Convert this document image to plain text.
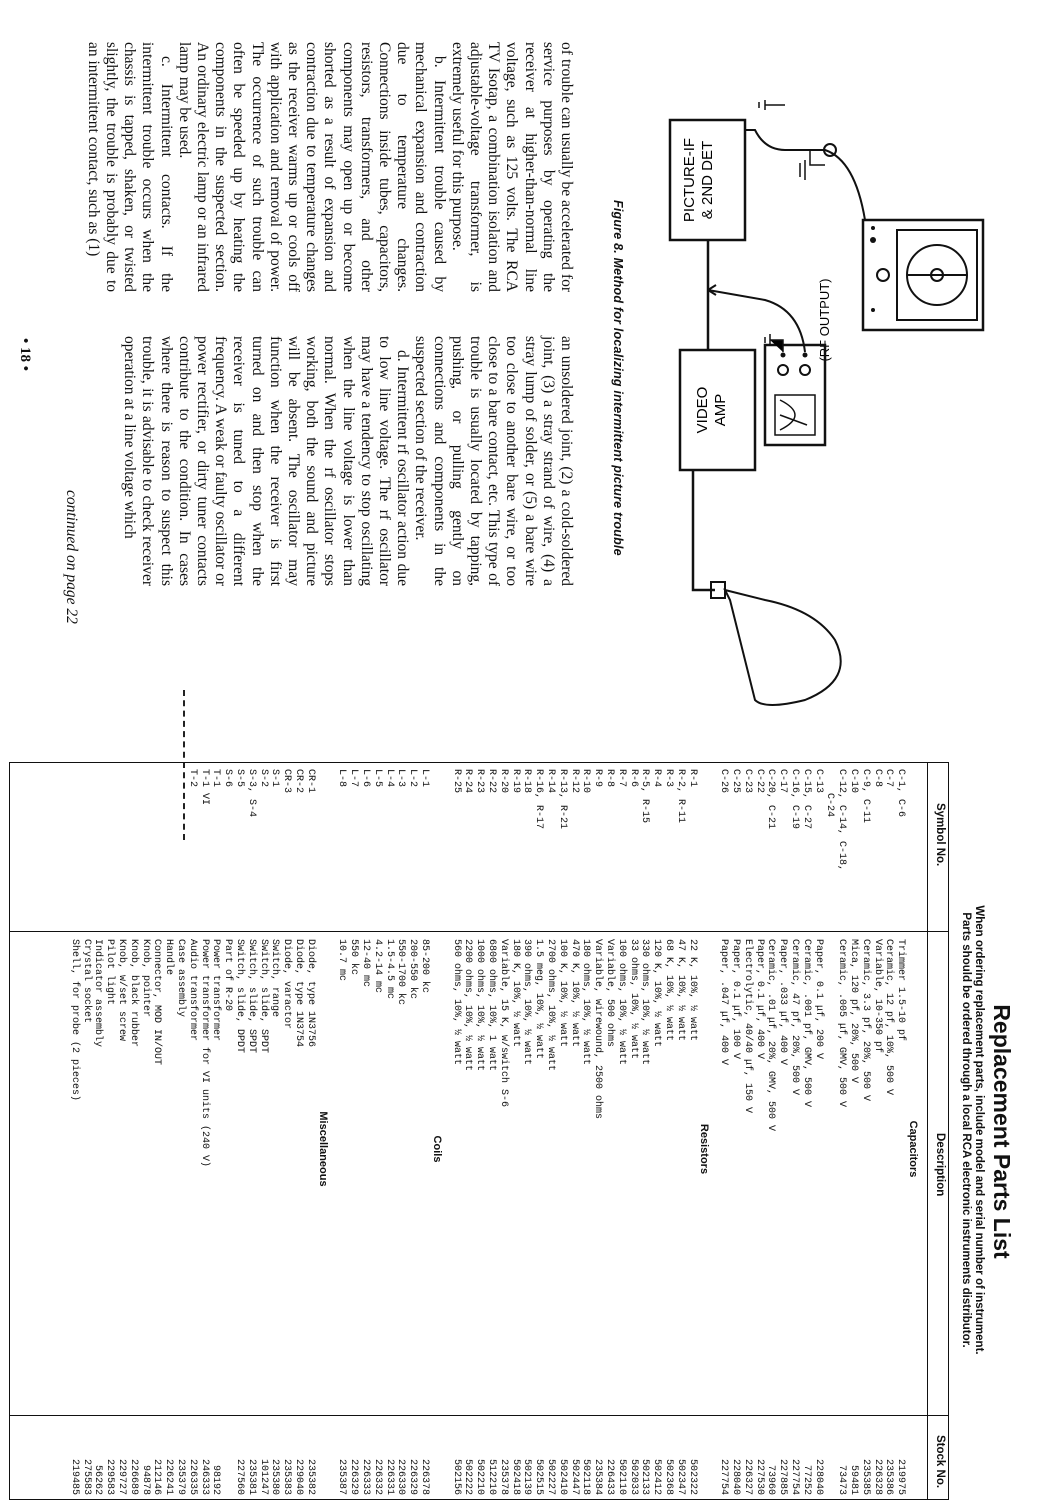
(RF OUTPUT)
PICTURE-IF & 2ND DET
VIDEO AMP
Figure 8. Method for localizing intermittent picture trouble

of trouble can usually be accelerated for service purposes by operating the receiver at higher-than-normal line voltage, such as 125 volts. The RCA TV Isotap, a combination isolation and adjustable-voltage transformer, is extremely useful for this purpose.

b. Intermittent trouble caused by mechanical expansion and contraction due to temperature changes. Connections inside tubes, capacitors, resistors, transformers, and other components may open up or become shorted as a result of expansion and contraction due to temperature changes as the receiver warms up or cools off with application and removal of power. The occurrence of such trouble can often be speeded up by heating the components in the suspected section. An ordinary electric lamp or an infrared lamp may be used.

c. Intermittent contacts. If the intermittent trouble occurs when the chassis is tapped, shaken, or twisted slightly, the trouble is probably due to an intermittent contact, such as (1)

an unsoldered joint, (2) a cold-soldered joint, (3) a stray strand of wire, (4) a stray lump of solder, or (5) a bare wire too close to another bare wire, or too close to a bare contact, etc. This type of trouble is usually located by tapping, pushing, or pulling gently on connections and components in the suspected section of the receiver.

d. Intermittent rf oscillator action due to low line voltage. The rf oscillator may have a tendency to stop oscillating when the line voltage is lower than normal. When the rf oscillator stops working, both the sound and picture will be absent. The oscillator may function when the receiver is first turned on and then stop when the receiver is tuned to a different frequency. A weak or faulty oscillator or power rectifier, or dirty tuner contacts contribute to the condition. In cases where there is reason to suspect this trouble, it is advisable to check receiver operation at a line voltage which

continued on page 22
• 18 •
Replacement Parts List
When ordering replacement parts, include model and serial number of instrument.
Parts should be ordered through a local RCA electronic instruments distributor.
Symbol No.
Description
Stock No.
Capacitors
C-1, C-6
Trimmer 1.5-10 pf
219975
C-7
Ceramic, 12 pf, 10%, 500 V
235386
C-8
Variable, 10-350 pf
226328
C-9, C-11
Ceramic, 3.3 pf, 20%, 500 V
235385
C-10
Mica, 120 pf, 20%, 500 V
59481
C-12, C-14, C-18,
Ceramic, .005 μf, GMV, 500 V
73473
C-24
C-13
Paper, 0.1 μf, 200 V
228040
C-15, C-27
Ceramic, .001 pf, GMV, 500 V
77252
C-16, C-19
Ceramic, 47 pf, 20%, 500 V
227754
C-17
Paper, .033 μf, 400 V
227885
C-20, C-21
Ceramic, .01 μf, 20%, GMV, 500 V
73960
C-22
Paper, 0.1 μf, 400 V
227530
C-23
Electrolytic, 40/40 μf, 150 V
226327
C-25
Paper, 0.1 μf, 100 V
228040
C-26
Paper, .047 μf, 400 V
227754
Resistors
R-1
22 K, 10%, ½ watt
502322
R-2, R-11
47 K, 10%, ½ watt
502347
R-3
68 K, 10%, ½ watt
502368
R-4
120 K, 10%, ½ watt
502412
R-5, R-15
330 ohms, 10%, ½ watt
502133
R-6
33 ohms, 10%, ½ watt
502033
R-7
100 ohms, 10%, ½ watt
502110
R-8
Variable, 500 ohms
226433
R-9
Variable, wirewound, 2500 ohms
235384
R-10
180 ohms, 10%, ½ watt
502118
R-12
470 K, 10%, ½ watt
502447
R-13, R-21
100 K, 10%, ½ watt
502410
R-14
2700 ohms, 10%, ½ watt
502227
R-16, R-17
1.5 meg, 10%, ½ watt
502515
R-18
390 ohms, 10%, ½ watt
502139
R-19
180 K, 10%, ½ watt
502418
R-20
Variable, 15 K, w/switch S-6
235378
R-22
6800 ohms, 10%, 1 watt
512210
R-23
1000 ohms, 10%, ½ watt
502210
R-24
2200 ohms, 10%, ½ watt
502222
R-25
560 ohms, 10%, ½ watt
502156
Coils
L-1
85-200 kc
226378
L-2
200-550 kc
226329
L-3
550-1700 kc
226330
L-4
1.5-4.5 mc
226331
L-5
4.2-14 mc
226332
L-6
12-40 mc
226333
L-7
550 kc
226329
L-8
10.7 mc
235387
Miscellaneous
CR-1
Diode, type 1N3756
235382
CR-2
Diode, type 1N3754
229040
CR-3
Diode, varactor
235383
S-1
Switch, range
235380
S-2
Switch, slide, SPDT
101247
S-3, S-4
Switch, slide, SPDT
235381
S-5
Switch, slide, DPDT
227560
S-6
Part of R-20
T-1
Power transformer
98192
T-1 VI
Power transformer for VI units (240 V)
246333
T-2
Audio transformer
226335
Case assembly
235379
Handle
226241
Connector, MOD IN/OUT
212146
Knob, pointer
94878
Knob, black rubber
226689
Knob, w/set screw
229727
Pilot light
229583
Indicator assembly
56262
Crystal socket
275583
Shell, for probe (2 pieces)
219485
